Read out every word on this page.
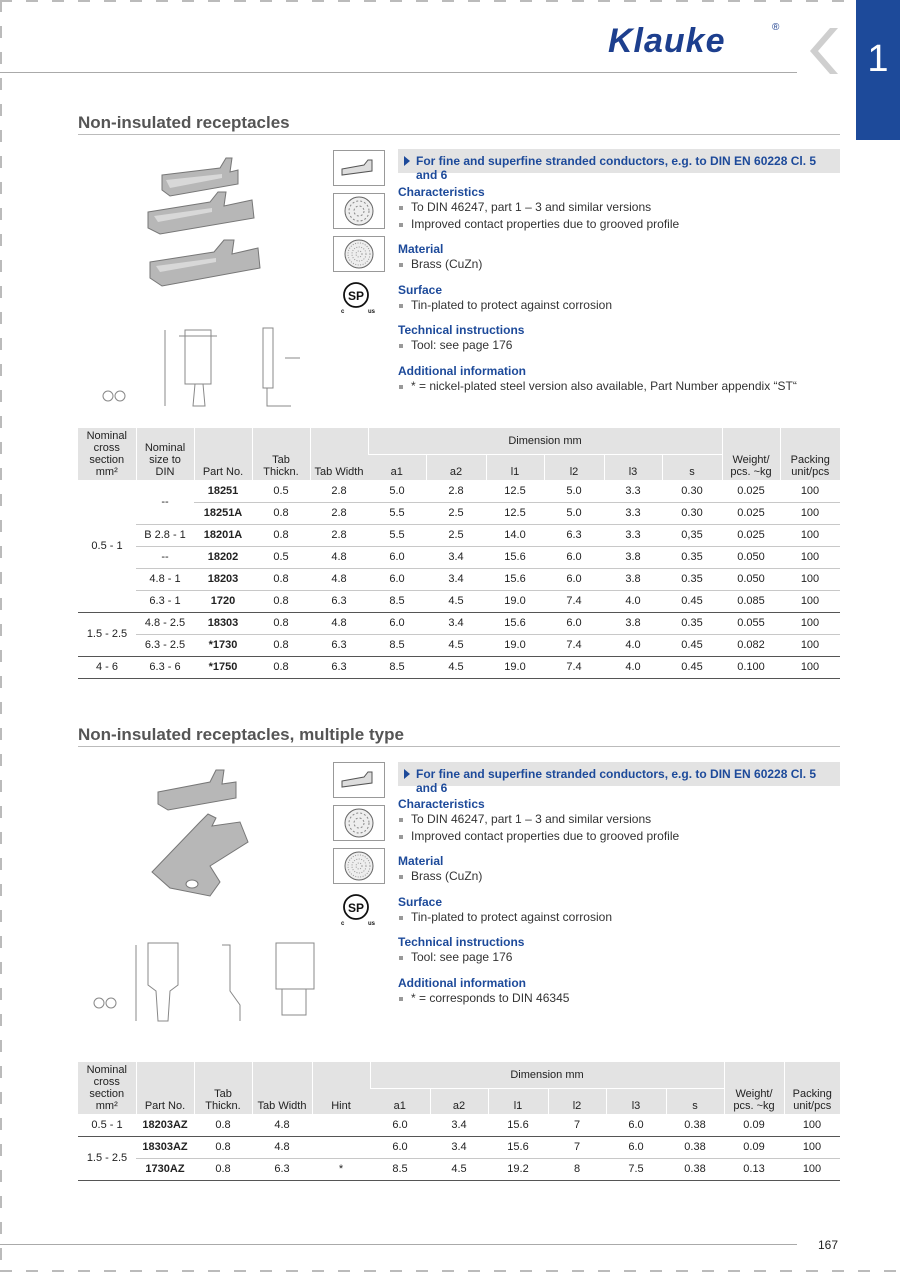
Klauke	®
1
Non-insulated receptacles
SP
c	us
For fine and superfine stranded conductors, e.g. to DIN EN 60228 Cl. 5 and 6
Characteristics
To DIN 46247, part 1 – 3 and similar versions
Improved contact properties due to grooved profile
Material
Brass (CuZn)
Surface
Tin-plated to protect against corrosion
Technical instructions
Tool: see page 176
Additional information
* = nickel-plated steel version also available, Part Number appendix “ST“
Nominal cross section mm²	Nominal size to DIN	Part No.	Tab Thickn.	Tab Width	Dimension mm						Weight/ pcs. ~kg	Packing unit/pcs
					a1	a2	l1	l2	l3	s		
0.5 - 1	--	18251	0.5	2.8	5.0	2.8	12.5	5.0	3.3	0.30	0.025	100
		18251A	0.8	2.8	5.5	2.5	12.5	5.0	3.3	0.30	0.025	100
	B 2.8 - 1	18201A	0.8	2.8	5.5	2.5	14.0	6.3	3.3	0,35	0.025	100
	--	18202	0.5	4.8	6.0	3.4	15.6	6.0	3.8	0.35	0.050	100
	4.8 - 1	18203	0.8	4.8	6.0	3.4	15.6	6.0	3.8	0.35	0.050	100
	6.3 - 1	1720	0.8	6.3	8.5	4.5	19.0	7.4	4.0	0.45	0.085	100
1.5 - 2.5	4.8 - 2.5	18303	0.8	4.8	6.0	3.4	15.6	6.0	3.8	0.35	0.055	100
	6.3 - 2.5	*1730	0.8	6.3	8.5	4.5	19.0	7.4	4.0	0.45	0.082	100
4 - 6	6.3 - 6	*1750	0.8	6.3	8.5	4.5	19.0	7.4	4.0	0.45	0.100	100
Non-insulated receptacles, multiple type
SP
c	us
For fine and superfine stranded conductors, e.g. to DIN EN 60228 Cl. 5 and 6
Characteristics
To DIN 46247, part 1 – 3 and similar versions
Improved contact properties due to grooved profile
Material
Brass (CuZn)
Surface
Tin-plated to protect against corrosion
Technical instructions
Tool: see page 176
Additional information
* = corresponds to DIN 46345
Nominal cross section mm²	Part No.	Tab Thickn.	Tab Width	Hint	Dimension mm						Weight/ pcs. ~kg	Packing unit/pcs
					a1	a2	l1	l2	l3	s		
0.5 - 1	18203AZ	0.8	4.8		6.0	3.4	15.6	7	6.0	0.38	0.09	100
1.5 - 2.5	18303AZ	0.8	4.8		6.0	3.4	15.6	7	6.0	0.38	0.09	100
	1730AZ	0.8	6.3	*	8.5	4.5	19.2	8	7.5	0.38	0.13	100
167
